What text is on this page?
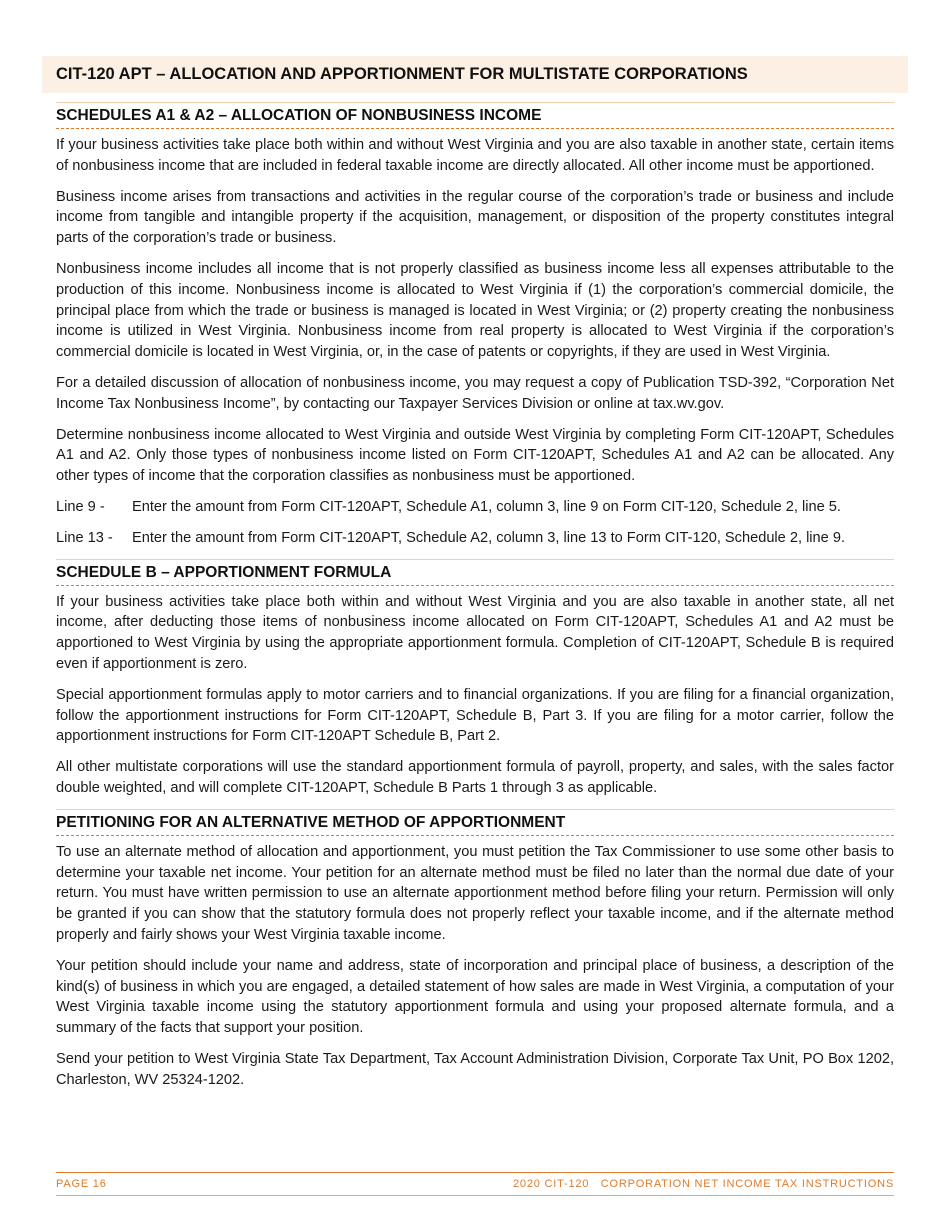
CIT-120 APT – ALLOCATION AND APPORTIONMENT FOR MULTISTATE CORPORATIONS
SCHEDULES A1 & A2 – ALLOCATION OF NONBUSINESS INCOME

If your business activities take place both within and without West Virginia and you are also taxable in another state, certain items of nonbusiness income that are included in federal taxable income are directly allocated. All other income must be apportioned.

Business income arises from transactions and activities in the regular course of the corporation’s trade or business and include income from tangible and intangible property if the acquisition, management, or disposition of the property constitutes integral parts of the corporation’s trade or business.

Nonbusiness income includes all income that is not properly classified as business income less all expenses attributable to the production of this income. Nonbusiness income is allocated to West Virginia if (1) the corporation’s commercial domicile, the principal place from which the trade or business is managed is located in West Virginia; or (2) property creating the nonbusiness income is utilized in West Virginia. Nonbusiness income from real property is allocated to West Virginia if the corporation’s commercial domicile is located in West Virginia, or, in the case of patents or copyrights, if they are used in West Virginia.

For a detailed discussion of allocation of nonbusiness income, you may request a copy of Publication TSD-392, “Corporation Net Income Tax Nonbusiness Income”, by contacting our Taxpayer Services Division or online at tax.wv.gov.

Determine nonbusiness income allocated to West Virginia and outside West Virginia by completing Form CIT-120APT, Schedules A1 and A2. Only those types of nonbusiness income listed on Form CIT-120APT, Schedules A1 and A2 can be allocated. Any other types of income that the corporation classifies as nonbusiness must be apportioned.

Line 9 -	Enter the amount from Form CIT-120APT, Schedule A1, column 3, line 9 on Form CIT-120, Schedule 2, line 5.
Line 13 -	Enter the amount from Form CIT-120APT, Schedule A2, column 3, line 13 to Form CIT-120, Schedule 2, line 9.
SCHEDULE B – APPORTIONMENT FORMULA

If your business activities take place both within and without West Virginia and you are also taxable in another state, all net income, after deducting those items of nonbusiness income allocated on Form CIT-120APT, Schedules A1 and A2 must be apportioned to West Virginia by using the appropriate apportionment formula. Completion of CIT-120APT, Schedule B is required even if apportionment is zero.

Special apportionment formulas apply to motor carriers and to financial organizations. If you are filing for a financial organization, follow the apportionment instructions for Form CIT-120APT, Schedule B, Part 3. If you are filing for a motor carrier, follow the apportionment instructions for Form CIT-120APT Schedule B, Part 2.

All other multistate corporations will use the standard apportionment formula of payroll, property, and sales, with the sales factor double weighted, and will complete CIT-120APT, Schedule B Parts 1 through 3 as applicable.

PETITIONING FOR AN ALTERNATIVE METHOD OF APPORTIONMENT

To use an alternate method of allocation and apportionment, you must petition the Tax Commissioner to use some other basis to determine your taxable net income. Your petition for an alternate method must be filed no later than the normal due date of your return. You must have written permission to use an alternate apportionment method before filing your return. Permission will only be granted if you can show that the statutory formula does not properly reflect your taxable income, and if the alternate method properly and fairly shows your West Virginia taxable income.

Your petition should include your name and address, state of incorporation and principal place of business, a description of the kind(s) of business in which you are engaged, a detailed statement of how sales are made in West Virginia, a computation of your West Virginia taxable income using the statutory apportionment formula and using your proposed alternate formula, and a summary of the facts that support your position.

Send your petition to West Virginia State Tax Department, Tax Account Administration Division, Corporate Tax Unit, PO Box 1202, Charleston, WV 25324-1202.

PAGE 16	2020 CIT-120   CORPORATION NET INCOME TAX INSTRUCTIONS
